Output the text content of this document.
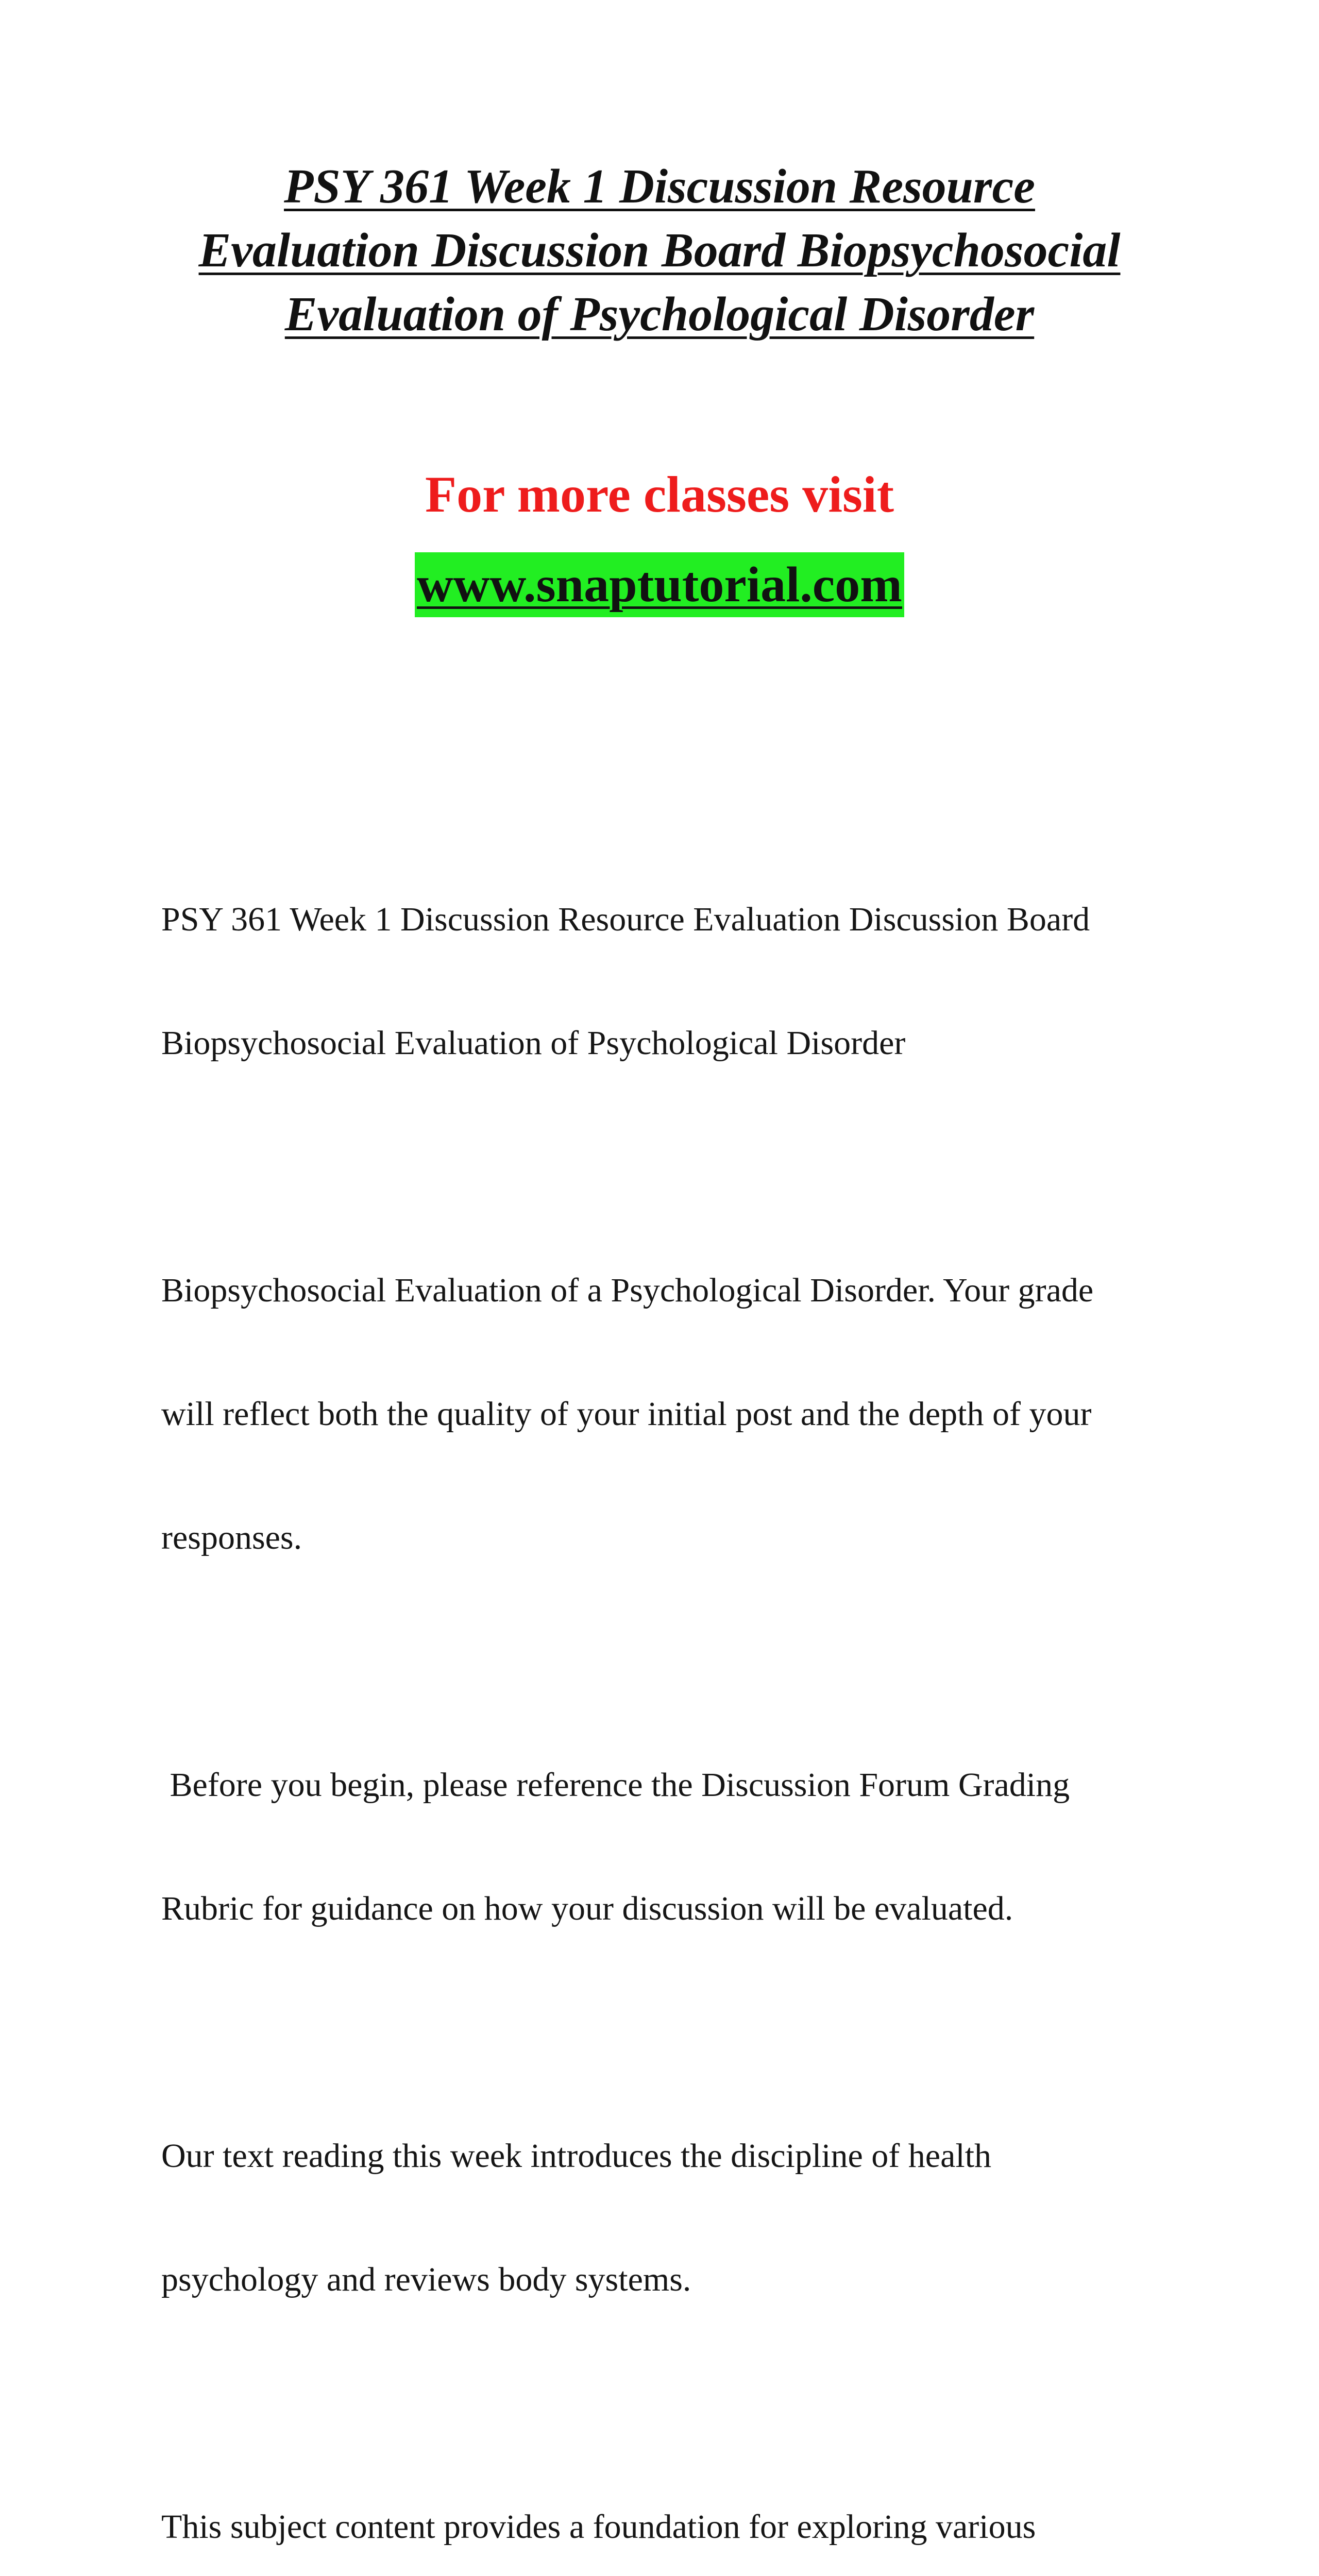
PSY 361 Week 1 Discussion Resource
Evaluation Discussion Board Biopsychosocial
Evaluation of Psychological Disorder

For more classes visit

www.snaptutorial.com

PSY 361 Week 1 Discussion Resource Evaluation Discussion Board

Biopsychosocial Evaluation of Psychological Disorder

Biopsychosocial Evaluation of a Psychological Disorder. Your grade

will reflect both the quality of your initial post and the depth of your

responses.

Before you begin, please reference the Discussion Forum Grading

Rubric for guidance on how your discussion will be evaluated.

Our text reading this week introduces the discipline of health

psychology and reviews body systems.

This subject content provides a foundation for exploring various
